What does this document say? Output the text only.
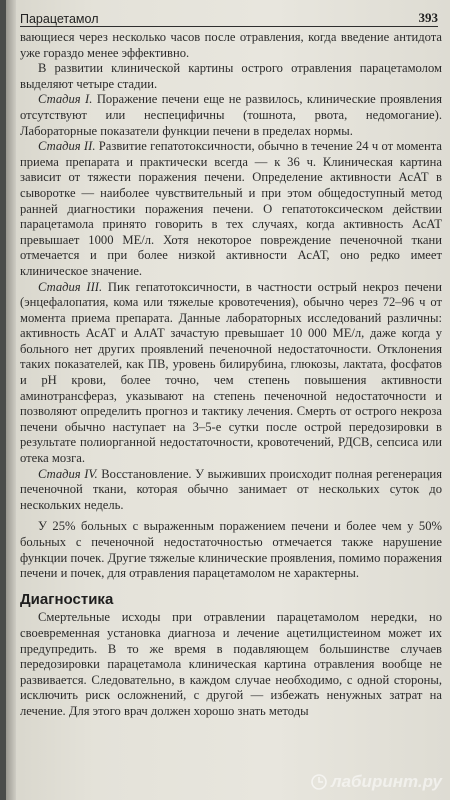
Парацетамол	393

вающиеся через несколько часов после отравления, когда введение антидота уже гораздо менее эффективно.

В развитии клинической картины острого отравления парацетамолом выделяют четыре стадии.

Стадия I. Поражение печени еще не развилось, клинические проявления отсутствуют или неспецифичны (тошнота, рвота, недомогание). Лабораторные показатели функции печени в пределах нормы.

Стадия II. Развитие гепатотоксичности, обычно в течение 24 ч от момента приема препарата и практически всегда — к 36 ч. Клиническая картина зависит от тяжести поражения печени. Определение активности АсАТ в сыворотке — наиболее чувствительный и при этом общедоступный метод ранней диагностики поражения печени. О гепатотоксическом действии парацетамола принято говорить в тех случаях, когда активность АсАТ превышает 1000 МЕ/л. Хотя некоторое повреждение печеночной ткани отмечается и при более низкой активности АсАТ, оно редко имеет клиническое значение.

Стадия III. Пик гепатотоксичности, в частности острый некроз печени (энцефалопатия, кома или тяжелые кровотечения), обычно через 72–96 ч от момента приема препарата. Данные лабораторных исследований различны: активность АсАТ и АлАТ зачастую превышает 10 000 МЕ/л, даже когда у больного нет других проявлений печеночной недостаточности. Отклонения таких показателей, как ПВ, уровень билирубина, глюкозы, лактата, фосфатов и pH крови, более точно, чем степень повышения активности аминотрансфераз, указывают на степень печеночной недостаточности и позволяют определить прогноз и тактику лечения. Смерть от острого некроза печени обычно наступает на 3–5-е сутки после острой передозировки в результате полиорганной недостаточности, кровотечений, РДСВ, сепсиса или отека мозга.

Стадия IV. Восстановление. У выживших происходит полная регенерация печеночной ткани, которая обычно занимает от нескольких суток до нескольких недель.

У 25% больных с выраженным поражением печени и более чем у 50% больных с печеночной недостаточностью отмечается также нарушение функции почек. Другие тяжелые клинические проявления, помимо поражения печени и почек, для отравления парацетамолом не характерны.

Диагностика

Смертельные исходы при отравлении парацетамолом нередки, но своевременная установка диагноза и лечение ацетилцистеином может их предупредить. В то же время в подавляющем большинстве случаев передозировки парацетамола клиническая картина отравления вообще не развивается. Следовательно, в каждом случае необходимо, с одной стороны, исключить риск осложнений, с другой — избежать ненужных затрат на лечение. Для этого врач должен хорошо знать методы

лабиринт.ру
